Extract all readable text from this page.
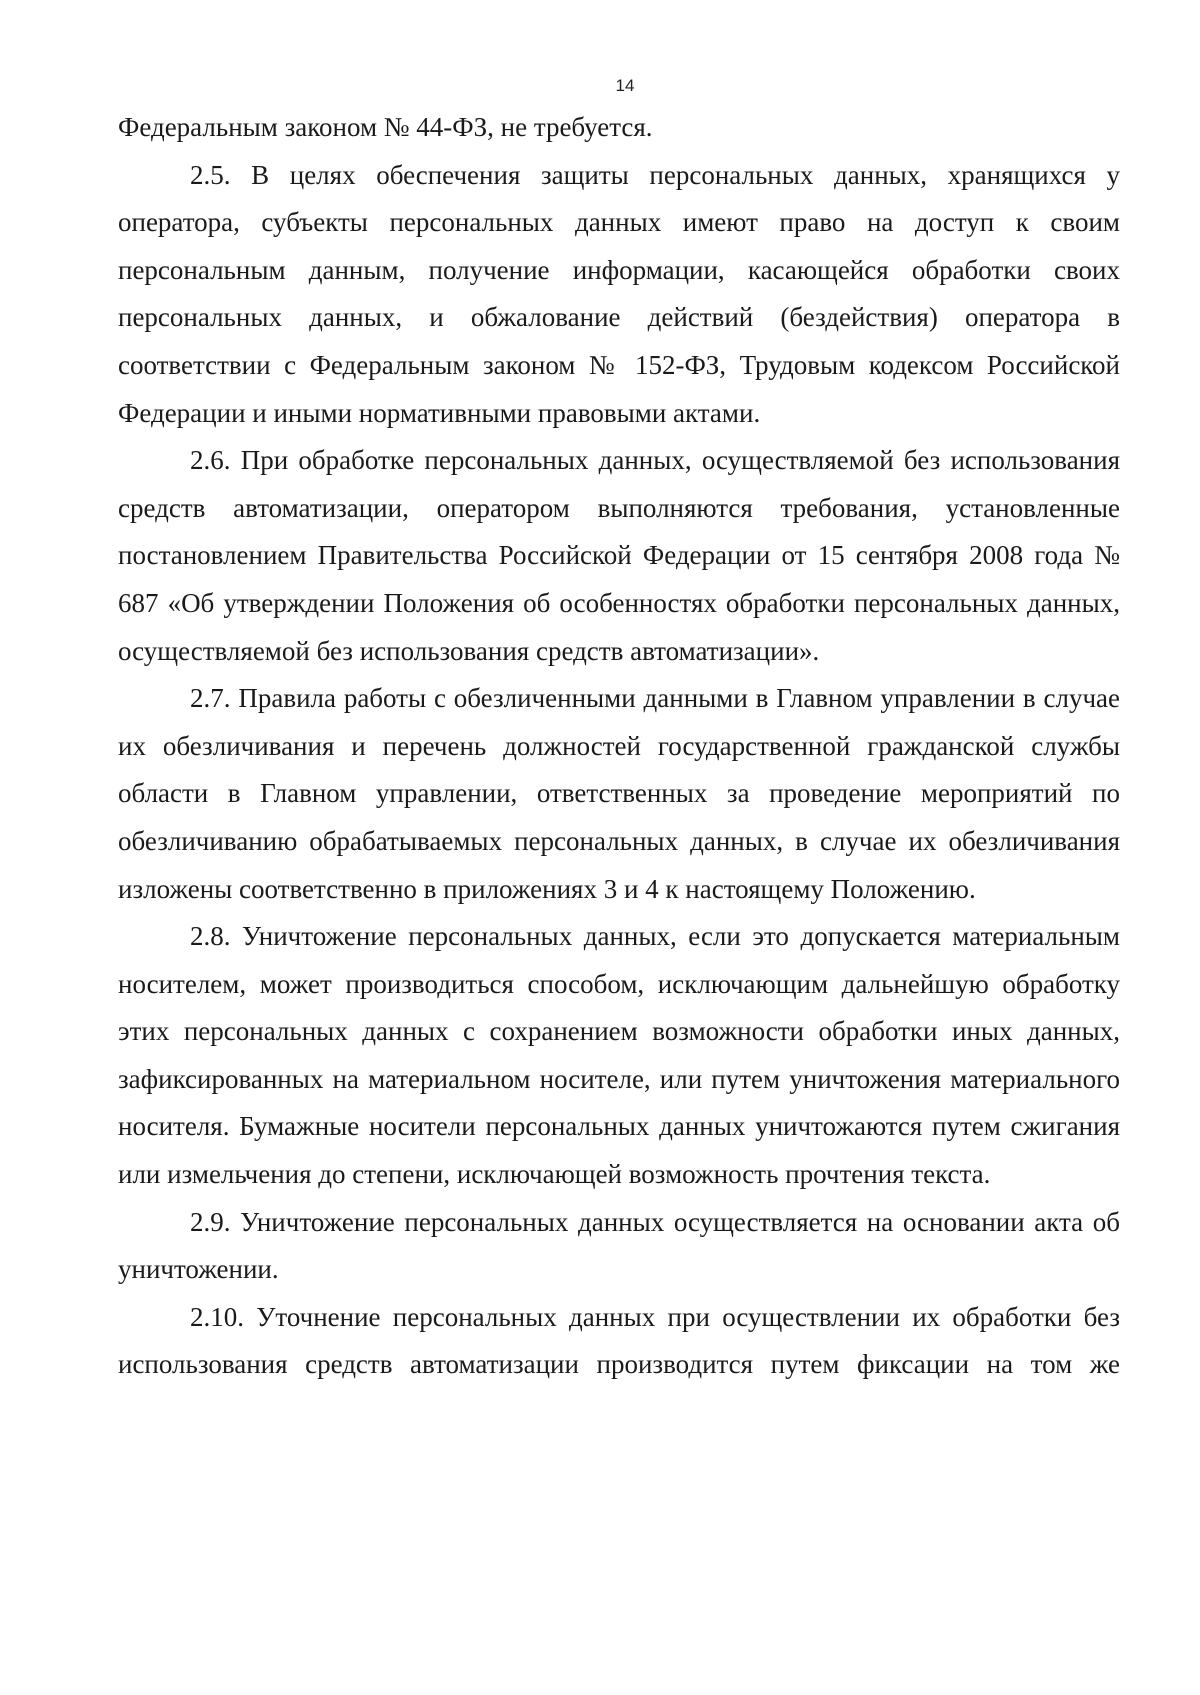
14

Федеральным законом № 44-ФЗ, не требуется.

2.5. В целях обеспечения защиты персональных данных, хранящихся у оператора, субъекты персональных данных имеют право на доступ к своим персональным данным, получение информации, касающейся обработки своих персональных данных, и обжалование действий (бездействия) оператора в соответствии с Федеральным законом № 152-ФЗ, Трудовым кодексом Российской Федерации и иными нормативными правовыми актами.

2.6. При обработке персональных данных, осуществляемой без использования средств автоматизации, оператором выполняются требования, установленные постановлением Правительства Российской Федерации от 15 сентября 2008 года № 687 «Об утверждении Положения об особенностях обработки персональных данных, осуществляемой без использования средств автоматизации».

2.7. Правила работы с обезличенными данными в Главном управлении в случае их обезличивания и перечень должностей государственной гражданской службы области в Главном управлении, ответственных за проведение мероприятий по обезличиванию обрабатываемых персональных данных, в случае их обезличивания изложены соответственно в приложениях 3 и 4 к настоящему Положению.

2.8. Уничтожение персональных данных, если это допускается материальным носителем, может производиться способом, исключающим дальнейшую обработку этих персональных данных с сохранением возможности обработки иных данных, зафиксированных на материальном носителе, или путем уничтожения материального носителя. Бумажные носители персональных данных уничтожаются путем сжигания или измельчения до степени, исключающей возможность прочтения текста.

2.9. Уничтожение персональных данных осуществляется на основании акта об уничтожении.

2.10. Уточнение персональных данных при осуществлении их обработки без использования средств автоматизации производится путем фиксации на том же
